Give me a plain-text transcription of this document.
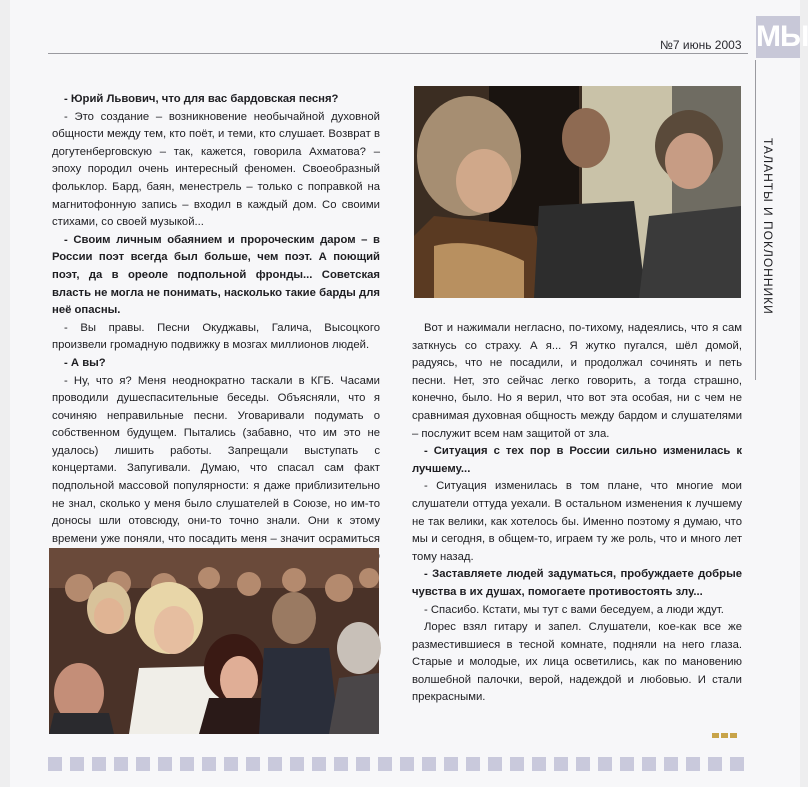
№7 июнь 2003 МЫ
ТАЛАНТЫ И ПОКЛОННИКИ

- Юрий Львович, что для вас бардовская песня?

- Это создание – возникновение необычайной духовной общности между тем, кто поёт, и теми, кто слушает. Возврат в догутенберговскую – так, кажется, говорила Ахматова? – эпоху породил очень интересный феномен. Своеобразный фольклор. Бард, баян, менестрель – только с поправкой на магнитофонную запись – входил в каждый дом. Со своими стихами, со своей музыкой...

- Своим личным обаянием и пророческим даром – в России поэт всегда был больше, чем поэт. А поющий поэт, да в ореоле подпольной фронды... Советская власть не могла не понимать, насколько такие барды для неё опасны.

- Вы правы. Песни Окуджавы, Галича, Высоцкого произвели громадную подвижку в мозгах миллионов людей.

- А вы?

- Ну, что я? Меня неоднократно таскали в КГБ. Часами проводили душеспасительные беседы. Объясняли, что я сочиняю неправильные песни. Уговаривали подумать о собственном будущем. Пытались (забавно, что им это не удалось) лишить работы. Запрещали выступать с концертами. Запугивали. Думаю, что спасал сам факт подпольной массовой популярности: я даже приблизительно не знал, сколько у меня было слушателей в Союзе, но им-то доносы шли отовсюду, они-то точно знали. Они к этому времени уже поняли, что посадить меня – значит осрамиться

Вот и нажимали негласно, по-тихому, надеялись, что я сам заткнусь со страху. А я... Я жутко пугался, шёл домой, радуясь, что не посадили, и продолжал сочинять и петь песни. Нет, это сейчас легко говорить, а тогда страшно, конечно, было. Но я верил, что вот эта особая, ни с чем не сравнимая духовная общность между бардом и слушателями – послужит всем нам защитой от зла.

- Ситуация с тех пор в России сильно изменилась к лучшему...

- Ситуация изменилась в том плане, что многие мои слушатели оттуда уехали. В остальном изменения к лучшему не так велики, как хотелось бы. Именно поэтому я думаю, что мы и сегодня, в общем-то, играем ту же роль, что и много лет тому назад.

- Заставляете людей задуматься, пробуждаете добрые чувства в их душах, помогаете противостоять злу...

- Спасибо. Кстати, мы тут с вами беседуем, а люди ждут.

Лорес взял гитару и запел. Слушатели, кое-как все же разместившиеся в тесной комнате, подняли на него глаза. Старые и молодые, их лица осветились, как по мановению волшебной палочки, верой, надеждой и любовью. И стали прекрасными.
